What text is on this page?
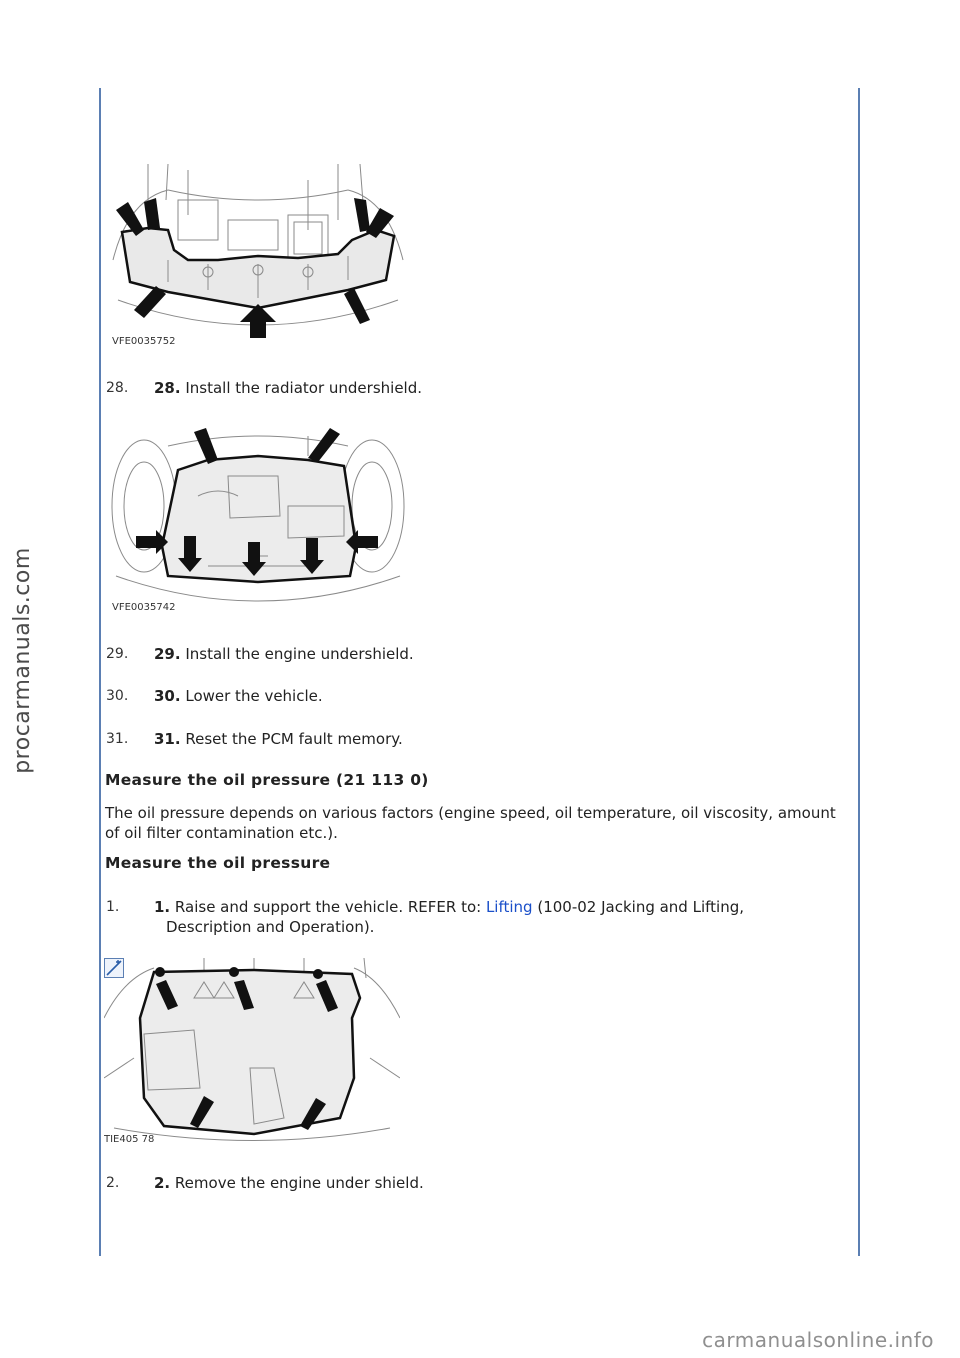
procarmanuals.com
carmanualsonline.info
VFE0035752
28.	28. Install the radiator undershield.
VFE0035742
29.	29. Install the engine undershield.
30.	30. Lower the vehicle.
31.	31. Reset the PCM fault memory.
Measure the oil pressure (21 113 0)
The oil pressure depends on various factors (engine speed, oil temperature, oil viscosity, amount of oil filter contamination etc.).
Measure the oil pressure
1.	1. Raise and support the vehicle. REFER to: Lifting (100-02 Jacking and Lifting,
Description and Operation).
TIE405 78
2.	2. Remove the engine under shield.
